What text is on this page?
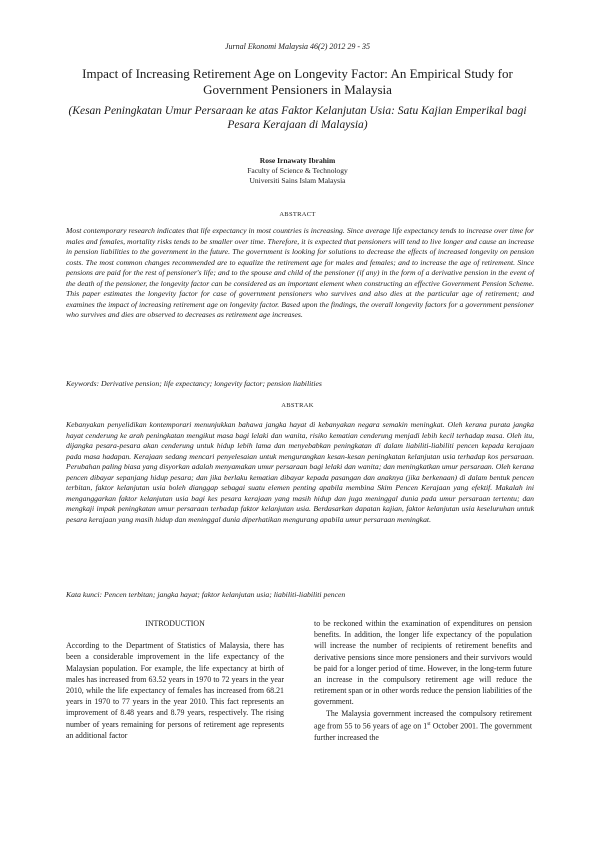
Jurnal Ekonomi Malaysia 46(2) 2012 29 - 35
Impact of Increasing Retirement Age on Longevity Factor: An Empirical Study for Government Pensioners in Malaysia
(Kesan Peningkatan Umur Persaraan ke atas Faktor Kelanjutan Usia: Satu Kajian Emperikal bagi Pesara Kerajaan di Malaysia)
Rose Irnawaty Ibrahim
Faculty of Science & Technology
Universiti Sains Islam Malaysia
ABSTRACT
Most contemporary research indicates that life expectancy in most countries is increasing. Since average life expectancy tends to increase over time for males and females, mortality risks tends to be smaller over time. Therefore, it is expected that pensioners will tend to live longer and cause an increase in pension liabilities to the government in the future. The government is looking for solutions to decrease the effects of increased longevity on pension costs. The most common changes recommended are to equalize the retirement age for males and females; and to increase the age of retirement. Since pensions are paid for the rest of pensioner's life; and to the spouse and child of the pensioner (if any) in the form of a derivative pension in the event of the death of the pensioner, the longevity factor can be considered as an important element when constructing an effective Government Pension Scheme. This paper estimates the longevity factor for case of government pensioners who survives and also dies at the particular age of retirement; and examines the impact of increasing retirement age on longevity factor. Based upon the findings, the overall longevity factors for a government pensioner who survives and dies are observed to decreases as retirement age increases.
Keywords: Derivative pension; life expectancy; longevity factor; pension liabilities
ABSTRAK
Kebanyakan penyelidikan kontemporari menunjukkan bahawa jangka hayat di kebanyakan negara semakin meningkat. Oleh kerana purata jangka hayat cenderung ke arah peningkatan mengikut masa bagi lelaki dan wanita, risiko kematian cenderung menjadi lebih kecil terhadap masa. Oleh itu, dijangka pesara-pesara akan cenderung untuk hidup lebih lama dan menyebabkan peningkatan di dalam liabiliti-liabiliti pencen kepada kerajaan pada masa hadapan. Kerajaan sedang mencari penyelesaian untuk mengurangkan kesan-kesan peningkatan kelanjutan usia terhadap kos persaraan. Perubahan paling biasa yang disyorkan adalah menyamakan umur persaraan bagi lelaki dan wanita; dan meningkatkan umur persaraan. Oleh kerana pencen dibayar sepanjang hidup pesara; dan jika berlaku kematian dibayar kepada pasangan dan anaknya (jika berkenaan) di dalam bentuk pencen terbitan, faktor kelanjutan usia boleh dianggap sebagai suatu elemen penting apabila membina Skim Pencen Kerajaan yang efektif. Makalah ini menganggarkan faktor kelanjutan usia bagi kes pesara kerajaan yang masih hidup dan juga meninggal dunia pada umur persaraan tertentu; dan mengkaji impak peningkatan umur persaraan terhadap faktor kelanjutan usia. Berdasarkan dapatan kajian, faktor kelanjutan usia keseluruhan untuk pesara kerajaan yang masih hidup dan meninggal dunia diperhatikan mengurang apabila umur persaraan meningkat.
Kata kunci: Pencen terbitan; jangka hayat; faktor kelanjutan usia; liabiliti-liabiliti pencen
INTRODUCTION

According to the Department of Statistics of Malaysia, there has been a considerable improvement in the life expectancy of the Malaysian population. For example, the life expectancy at birth of males has increased from 63.52 years in 1970 to 72 years in the year 2010, while the life expectancy of females has increased from 68.21 years in 1970 to 77 years in the year 2010. This fact represents an improvement of 8.48 years and 8.79 years, respectively. The rising number of years remaining for persons of retirement age represents an additional factor

to be reckoned within the examination of expenditures on pension benefits. In addition, the longer life expectancy of the population will increase the number of recipients of retirement benefits and derivative pensions since more pensioners and their survivors would be paid for a longer period of time. However, in the long-term future an increase in the compulsory retirement age will reduce the retirement span or in other words reduce the pension liabilities of the government.

The Malaysia government increased the compulsory retirement age from 55 to 56 years of age on 1st October 2001. The government further increased the
